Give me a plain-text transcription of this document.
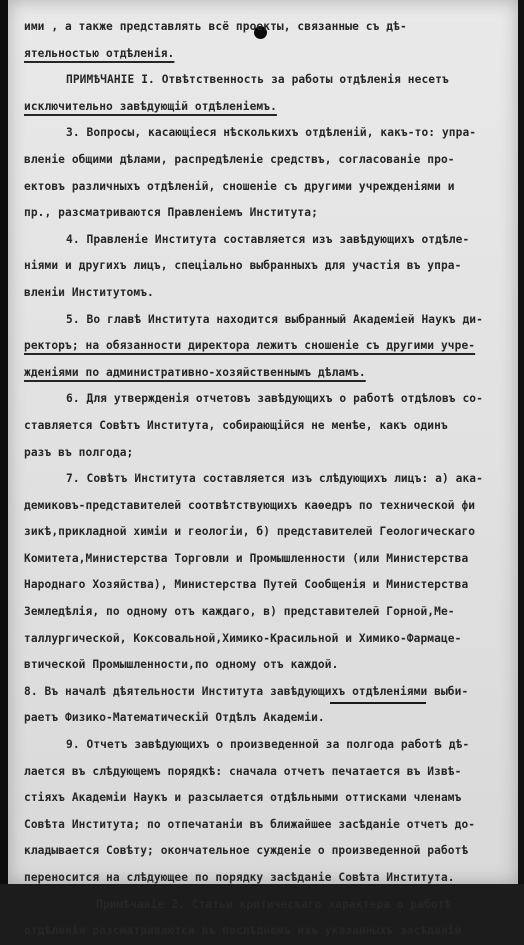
ими , а также представлять всё проекты, связанные съ дѣ-
ятельностью отдѣленія.
ПРИМѢЧАНІЕ I. Отвѣтственность за работы отдѣленія несетъ
исключительно завѣдующій отдѣленіемъ.
3. Вопросы, касающіеся нѣсколькихъ отдѣленій, какъ-то: упра-
вленіе общими дѣлами, распредѣленіе средствъ, согласованіе про-
ектовъ различныхъ отдѣленій, сношеніе съ другими учрежденіями и
пр., разсматриваются Правленіемъ Института;
4. Правленіе Института составляется изъ завѣдующихъ отдѣле-
ніями и другихъ лицъ, спеціально выбранныхъ для участія въ упра-
вленіи Институтомъ.
5. Во главѣ Института находится выбранный Академіей Наукъ ди-
ректоръ; на обязанности директора лежитъ сношеніе съ другими учре-
жденіями по административно-хозяйственнымъ дѣламъ.
6. Для утвержденія отчетовъ завѣдующихъ о работѣ отдѣловъ со-
ставляется Совѣтъ Института, собирающійся не менѣе, какъ одинъ
разъ въ полгода;
7. Совѣтъ Института составляется изъ слѣдующихъ лицъ: а) ака-
демиковъ-представителей соотвѣтствующихъ каѳедръ по технической фи
зикѣ,прикладной химіи и геологіи, б) представителей Геологическаго
Комитета,Министерства Торговли и Промышленности (или Министерства
Народнаго Хозяйства), Министерства Путей Сообщенія и Министерства
Земледѣлія, по одному отъ каждаго, в) представителей Горной,Ме-
таллургической, Коксовальной,Химико-Красильной и Химико-Фармаце-
втической Промышленности,по одному отъ каждой.
8. Въ началѣ дѣятельности Института завѣдующихъ отдѣленіями выби-
раетъ Физико-Математическій Отдѣлъ Академіи.
9. Отчетъ завѣдующихъ о произведенной за полгода работѣ дѣ-
лается въ слѣдующемъ порядкѣ: сначала отчетъ печатается въ Извѣ-
стіяхъ Академіи Наукъ и разсылается отдѣльными оттисками членамъ
Совѣта Института; по отпечатаніи въ ближайшее засѣданіе отчетъ до-
кладывается Совѣту; окончательное сужденіе о произведенной работѣ
переносится на слѣдующее по порядку засѣданіе Совѣта Института.
Примѣчаніе 2. Статьи критическаго характера о работѣ
отдѣленія разсматриваются въ послѣднемъ изъ указанныхъ засѣданій
